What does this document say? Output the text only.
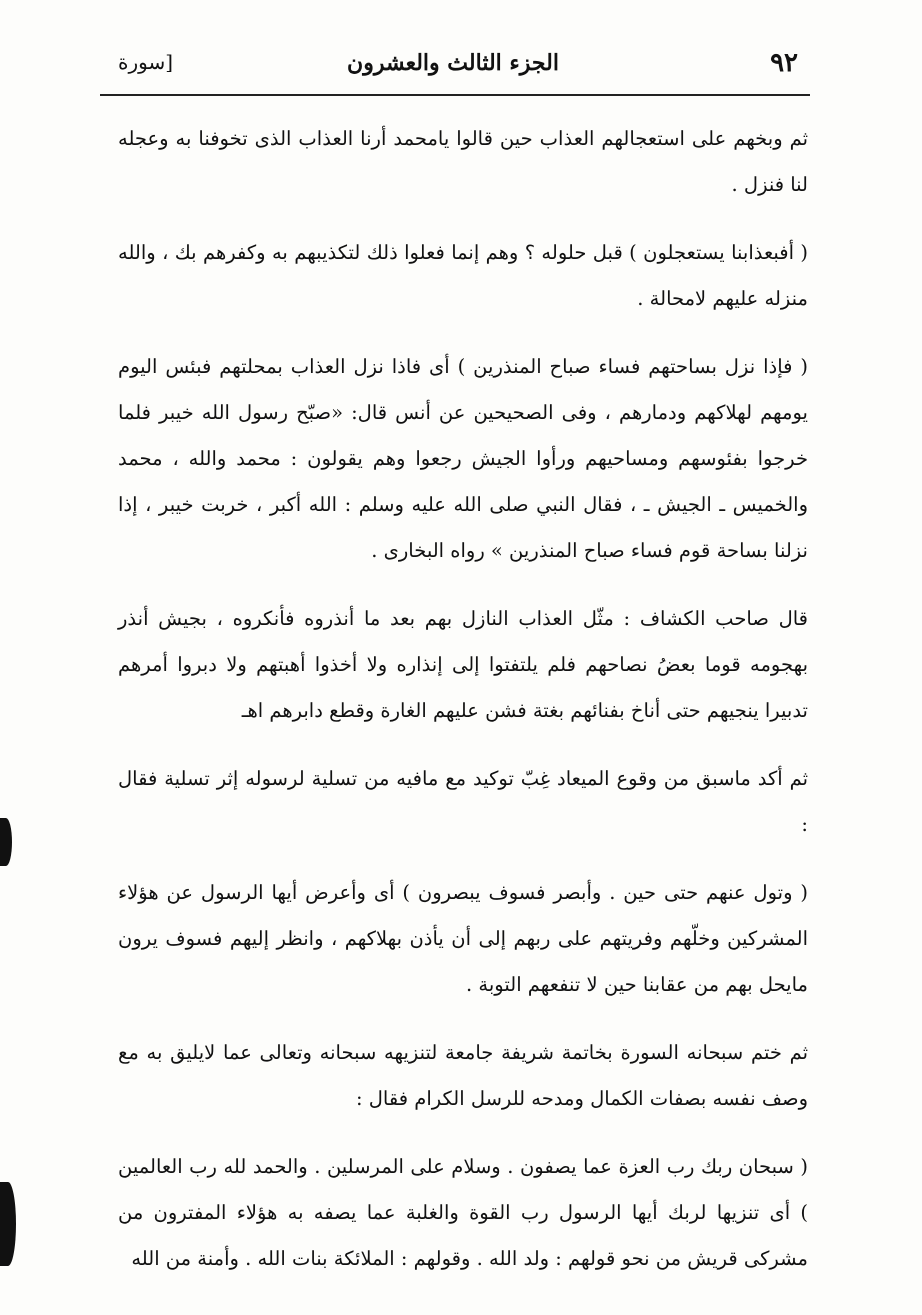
٩٢
الجزء الثالث والعشرون
[سورة

ثم وبخهم على استعجالهم العذاب حين قالوا يامحمد أرنا العذاب الذى تخوفنا به وعجله لنا فنزل .

( أفبعذابنا يستعجلون ) قبل حلوله ؟ وهم إنما فعلوا ذلك لتكذيبهم به وكفرهم بك ، والله منزله عليهم لامحالة .

( فإذا نزل بساحتهم فساء صباح المنذرين ) أى فاذا نزل العذاب بمحلتهم فبئس اليوم يومهم لهلاكهم ودمارهم ، وفى الصحيحين عن أنس قال: «صبّح رسول الله خيبر فلما خرجوا بفئوسهم ومساحيهم ورأوا الجيش رجعوا وهم يقولون : محمد والله ، محمد والخميس ـ الجيش ـ ، فقال النبي صلى الله عليه وسلم : الله أكبر ، خربت خيبر ، إذا نزلنا بساحة قوم فساء صباح المنذرين » رواه البخارى .

قال صاحب الكشاف : مثّل العذاب النازل بهم بعد ما أنذروه فأنكروه ، بجيش أنذر بهجومه قوما بعضُ نصاحهم فلم يلتفتوا إلى إنذاره ولا أخذوا أهبتهم ولا دبروا أمرهم تدبيرا ينجيهم حتى أناخ بفنائهم بغتة فشن عليهم الغارة وقطع دابرهم اهـ

ثم أكد ماسبق من وقوع الميعاد غِبّ توكيد مع مافيه من تسلية لرسوله إثر تسلية فقال :

( وتول عنهم حتى حين . وأبصر فسوف يبصرون ) أى وأعرض أيها الرسول عن هؤلاء المشركين وخلّهم وفريتهم على ربهم إلى أن يأذن بهلاكهم ، وانظر إليهم فسوف يرون مايحل بهم من عقابنا حين لا تنفعهم التوبة .

ثم ختم سبحانه السورة بخاتمة شريفة جامعة لتنزيهه سبحانه وتعالى عما لايليق به مع وصف نفسه بصفات الكمال ومدحه للرسل الكرام فقال :

( سبحان ربك رب العزة عما يصفون . وسلام على المرسلين . والحمد لله رب العالمين ) أى تنزيها لربك أيها الرسول رب القوة والغلبة عما يصفه به هؤلاء المفترون من مشركى قريش من نحو قولهم : ولد الله . وقولهم : الملائكة بنات الله . وأمنة من الله
